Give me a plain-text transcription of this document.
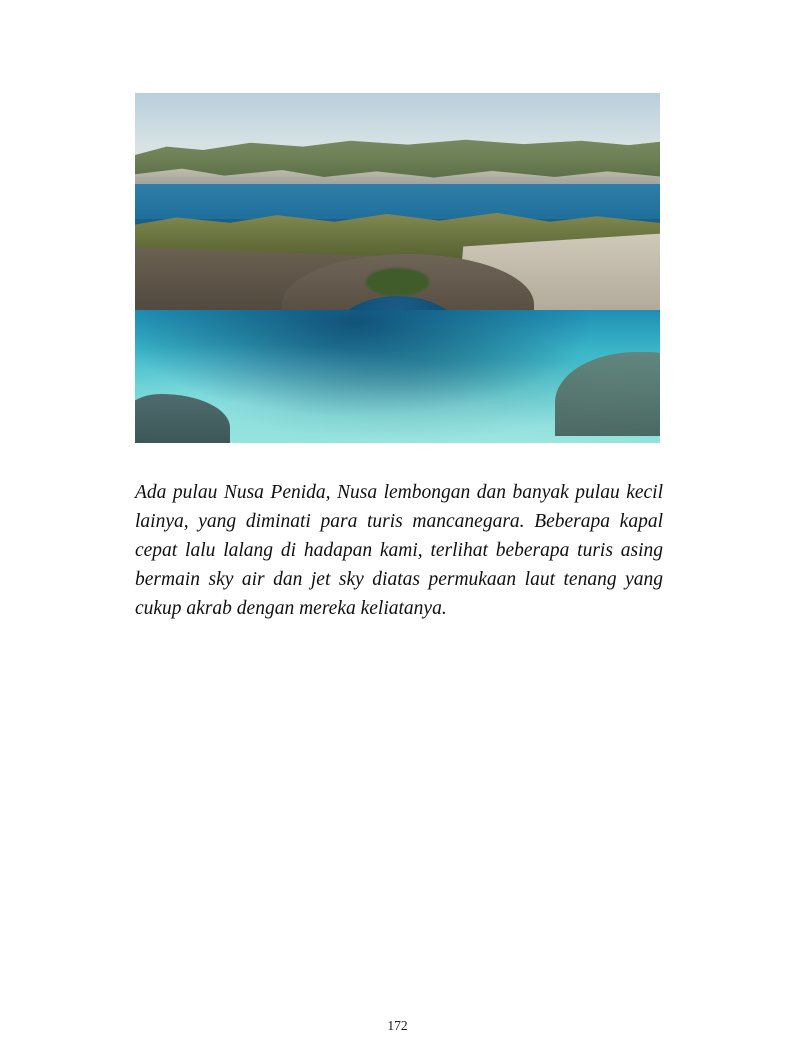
Ada pulau Nusa Penida, Nusa lembongan dan banyak pulau kecil lainya, yang diminati para turis mancanegara. Beberapa kapal cepat lalu lalang di hadapan kami, terlihat beberapa turis asing bermain sky air dan jet sky diatas permukaan laut tenang yang cukup akrab dengan mereka keliatanya.

172
